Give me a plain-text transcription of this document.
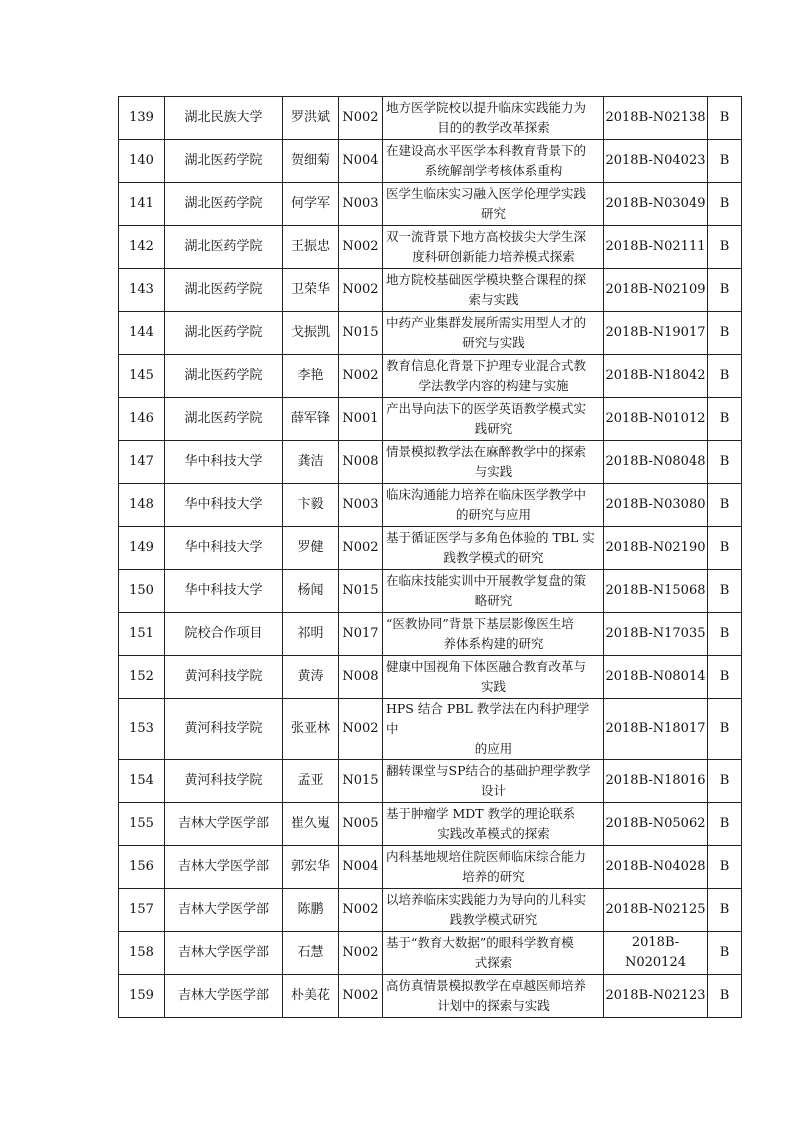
139	湖北民族大学	罗洪斌	N002	地方医学院校以提升临床实践能力为
目的的教学改革探索	2018B-N02138	B
140	湖北医药学院	贺细菊	N004	在建设高水平医学本科教育背景下的
系统解剖学考核体系重构	2018B-N04023	B
141	湖北医药学院	何学军	N003	医学生临床实习融入医学伦理学实践
研究	2018B-N03049	B
142	湖北医药学院	王振忠	N002	双一流背景下地方高校拔尖大学生深
度科研创新能力培养模式探索	2018B-N02111	B
143	湖北医药学院	卫荣华	N002	地方院校基础医学模块整合课程的探
索与实践	2018B-N02109	B
144	湖北医药学院	戈振凯	N015	中药产业集群发展所需实用型人才的
研究与实践	2018B-N19017	B
145	湖北医药学院	李艳	N002	教育信息化背景下护理专业混合式教
学法教学内容的构建与实施	2018B-N18042	B
146	湖北医药学院	薛军锋	N001	产出导向法下的医学英语教学模式实
践研究	2018B-N01012	B
147	华中科技大学	龚洁	N008	情景模拟教学法在麻醉教学中的探索
与实践	2018B-N08048	B
148	华中科技大学	卞毅	N003	临床沟通能力培养在临床医学教学中
的研究与应用	2018B-N03080	B
149	华中科技大学	罗健	N002	基于循证医学与多角色体验的 TBL 实
践教学模式的研究	2018B-N02190	B
150	华中科技大学	杨闻	N015	在临床技能实训中开展教学复盘的策
略研究	2018B-N15068	B
151	院校合作项目	祁明	N017	“医教协同”背景下基层影像医生培
养体系构建的研究	2018B-N17035	B
152	黄河科技学院	黄涛	N008	健康中国视角下体医融合教育改革与
实践	2018B-N08014	B
153	黄河科技学院	张亚林	N002	HPS 结合 PBL 教学法在内科护理学中
的应用	2018B-N18017	B
154	黄河科技学院	孟亚	N015	翻转课堂与SP结合的基础护理学教学
设计	2018B-N18016	B
155	吉林大学医学部	崔久嵬	N005	基于肿瘤学 MDT 教学的理论联系
实践改革模式的探索	2018B-N05062	B
156	吉林大学医学部	郭宏华	N004	内科基地规培住院医师临床综合能力
培养的研究	2018B-N04028	B
157	吉林大学医学部	陈鹏	N002	以培养临床实践能力为导向的儿科实
践教学模式研究	2018B-N02125	B
158	吉林大学医学部	石慧	N002	基于“教育大数据”的眼科学教育模
式探索	2018B-N020124	B
159	吉林大学医学部	朴美花	N002	高仿真情景模拟教学在卓越医师培养
计划中的探索与实践	2018B-N02123	B
